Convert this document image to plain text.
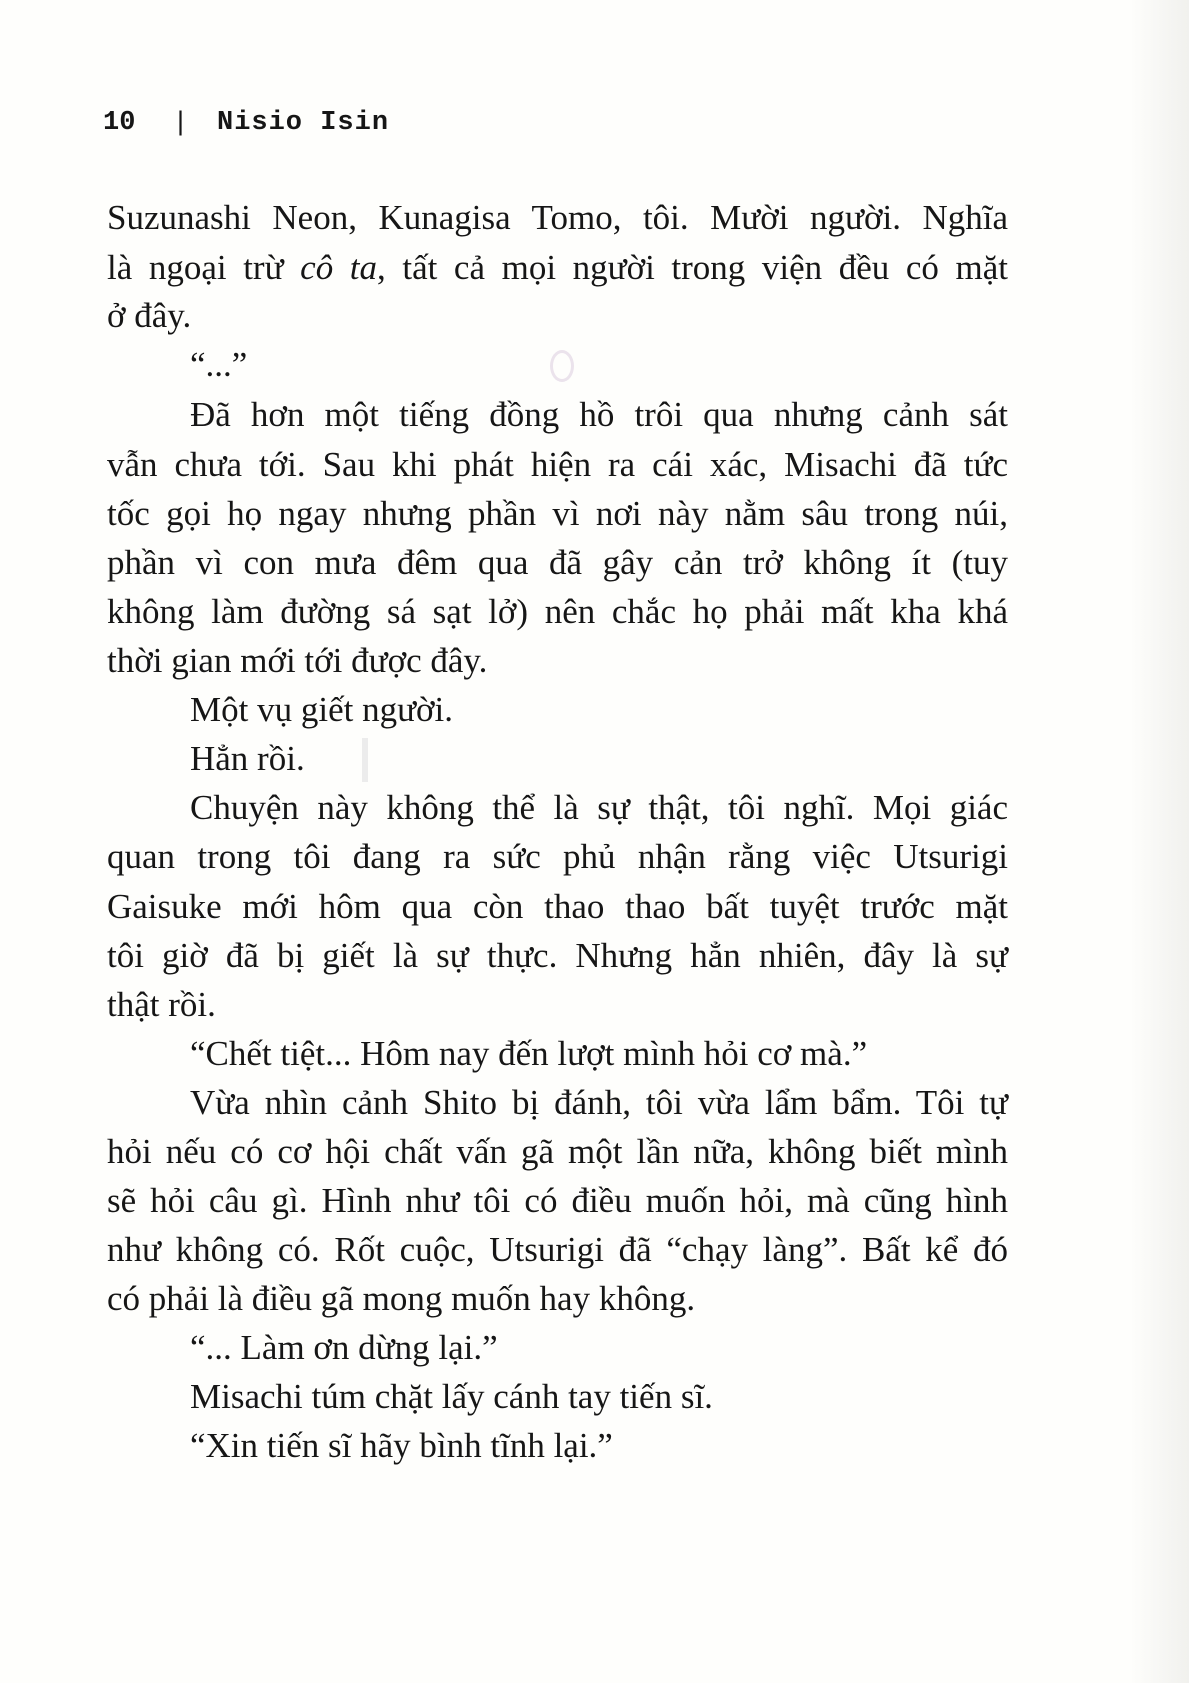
10 | Nisio Isin
Suzunashi Neon, Kunagisa Tomo, tôi. Mười người. Nghĩa
là ngoại trừ cô ta, tất cả mọi người trong viện đều có mặt
ở đây.
“...”
Đã hơn một tiếng đồng hồ trôi qua nhưng cảnh sát
vẫn chưa tới. Sau khi phát hiện ra cái xác, Misachi đã tức
tốc gọi họ ngay nhưng phần vì nơi này nằm sâu trong núi,
phần vì con mưa đêm qua đã gây cản trở không ít (tuy
không làm đường sá sạt lở) nên chắc họ phải mất kha khá
thời gian mới tới được đây.
Một vụ giết người.
Hẳn rồi.
Chuyện này không thể là sự thật, tôi nghĩ. Mọi giác
quan trong tôi đang ra sức phủ nhận rằng việc Utsurigi
Gaisuke mới hôm qua còn thao thao bất tuyệt trước mặt
tôi giờ đã bị giết là sự thực. Nhưng hẳn nhiên, đây là sự
thật rồi.
“Chết tiệt... Hôm nay đến lượt mình hỏi cơ mà.”
Vừa nhìn cảnh Shito bị đánh, tôi vừa lẩm bẩm. Tôi tự
hỏi nếu có cơ hội chất vấn gã một lần nữa, không biết mình
sẽ hỏi câu gì. Hình như tôi có điều muốn hỏi, mà cũng hình
như không có. Rốt cuộc, Utsurigi đã “chạy làng”. Bất kể đó
có phải là điều gã mong muốn hay không.
“... Làm ơn dừng lại.”
Misachi túm chặt lấy cánh tay tiến sĩ.
“Xin tiến sĩ hãy bình tĩnh lại.”
